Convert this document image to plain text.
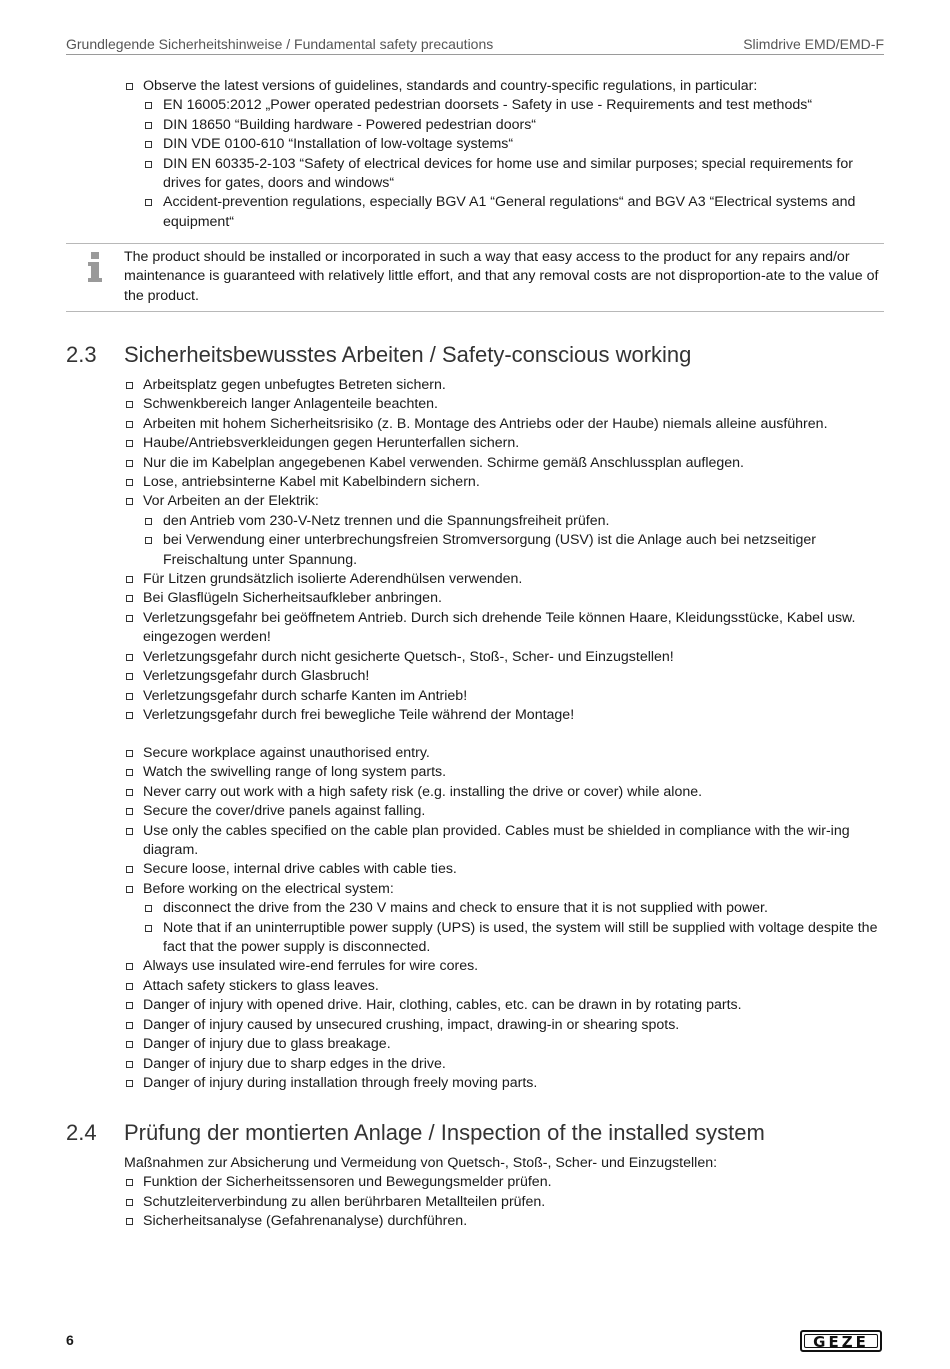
Grundlegende Sicherheitshinweise / Fundamental safety precautions	Slimdrive EMD/EMD-F
Observe the latest versions of guidelines, standards and country-specific regulations, in particular:
EN 16005:2012 „Power operated pedestrian doorsets - Safety in use - Requirements and test methods“
DIN 18650 “Building hardware - Powered pedestrian doors“
DIN VDE 0100-610 “Installation of low-voltage systems“
DIN EN 60335-2-103 “Safety of electrical devices for home use and similar purposes; special requirements for drives for gates, doors and windows“
Accident-prevention regulations, especially BGV A1 “General regulations“ and BGV A3 “Electrical systems and equipment“
The product should be installed or incorporated in such a way that easy access to the product for any repairs and/or maintenance is guaranteed with relatively little effort, and that any removal costs are not disproportion-ate to the value of the product.
2.3 Sicherheitsbewusstes Arbeiten / Safety-conscious working
Arbeitsplatz gegen unbefugtes Betreten sichern.
Schwenkbereich langer Anlagenteile beachten.
Arbeiten mit hohem Sicherheitsrisiko (z. B. Montage des Antriebs oder der Haube) niemals alleine ausführen.
Haube/Antriebsverkleidungen gegen Herunterfallen sichern.
Nur die im Kabelplan angegebenen Kabel verwenden. Schirme gemäß Anschlussplan auflegen.
Lose, antriebsinterne Kabel mit Kabelbindern sichern.
Vor Arbeiten an der Elektrik:
den Antrieb vom 230-V-Netz trennen und die Spannungsfreiheit prüfen.
bei Verwendung einer unterbrechungsfreien Stromversorgung (USV) ist die Anlage auch bei netzseitiger Freischaltung unter Spannung.
Für Litzen grundsätzlich isolierte Aderendhülsen verwenden.
Bei Glasflügeln Sicherheitsaufkleber anbringen.
Verletzungsgefahr bei geöffnetem Antrieb. Durch sich drehende Teile können Haare, Kleidungsstücke, Kabel usw. eingezogen werden!
Verletzungsgefahr durch nicht gesicherte Quetsch-, Stoß-, Scher- und Einzugstellen!
Verletzungsgefahr durch Glasbruch!
Verletzungsgefahr durch scharfe Kanten im Antrieb!
Verletzungsgefahr durch frei bewegliche Teile während der Montage!
Secure workplace against unauthorised entry.
Watch the swivelling range of long system parts.
Never carry out work with a high safety risk (e.g. installing the drive or cover) while alone.
Secure the cover/drive panels against falling.
Use only the cables specified on the cable plan provided. Cables must be shielded in compliance with the wir-ing diagram.
Secure loose, internal drive cables with cable ties.
Before working on the electrical system:
disconnect the drive from the 230 V mains and check to ensure that it is not supplied with power.
Note that if an uninterruptible power supply (UPS) is used, the system will still be supplied with voltage despite the fact that the power supply is disconnected.
Always use insulated wire-end ferrules for wire cores.
Attach safety stickers to glass leaves.
Danger of injury with opened drive. Hair, clothing, cables, etc. can be drawn in by rotating parts.
Danger of injury caused by unsecured crushing, impact, drawing-in or shearing spots.
Danger of injury due to glass breakage.
Danger of injury due to sharp edges in the drive.
Danger of injury during installation through freely moving parts.
2.4 Prüfung der montierten Anlage / Inspection of the installed system
Maßnahmen zur Absicherung und Vermeidung von Quetsch-, Stoß-, Scher- und Einzugstellen:
Funktion der Sicherheitssensoren und Bewegungsmelder prüfen.
Schutzleiterverbindung zu allen berührbaren Metallteilen prüfen.
Sicherheitsanalyse (Gefahrenanalyse) durchführen.
6	GEZE
